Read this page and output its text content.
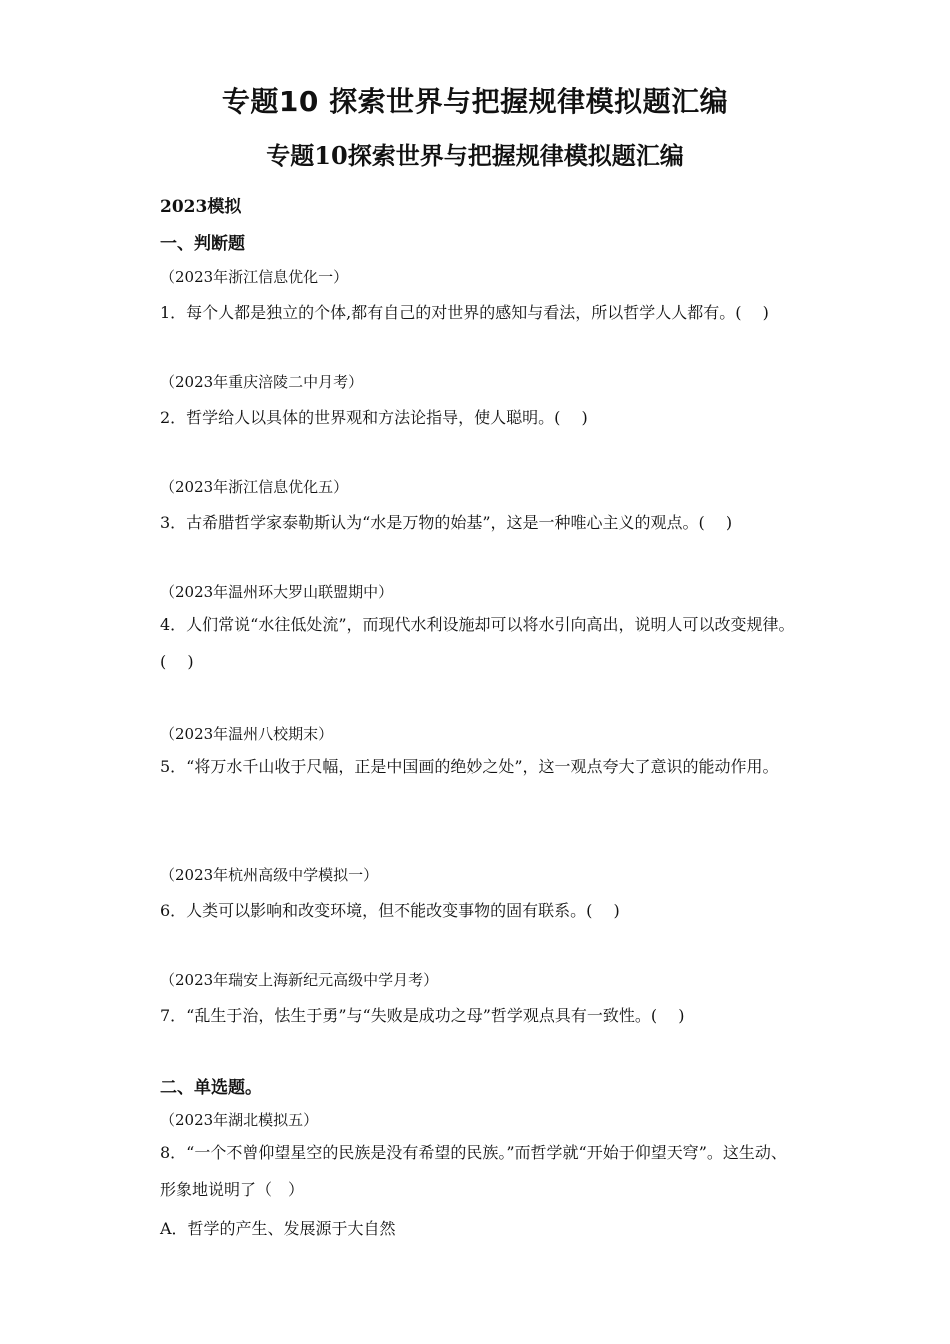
专题10 探索世界与把握规律模拟题汇编
专题10探索世界与把握规律模拟题汇编
2023模拟
一、判断题
（2023年浙江信息优化一）
1．每个人都是独立的个体,都有自己的对世界的感知与看法，所以哲学人人都有。(　 )
（2023年重庆涪陵二中月考）
2．哲学给人以具体的世界观和方法论指导，使人聪明。(　 )
（2023年浙江信息优化五）
3．古希腊哲学家泰勒斯认为“水是万物的始基”，这是一种唯心主义的观点。(　 )
（2023年温州环大罗山联盟期中）
4．人们常说“水往低处流”，而现代水利设施却可以将水引向高出，说明人可以改变规律。(　 )
（2023年温州八校期末）
5．“将万水千山收于尺幅，正是中国画的绝妙之处”，这一观点夸大了意识的能动作用。
（2023年杭州高级中学模拟一）
6．人类可以影响和改变环境，但不能改变事物的固有联系。(　 )
（2023年瑞安上海新纪元高级中学月考）
7．“乱生于治，怯生于勇”与“失败是成功之母”哲学观点具有一致性。(　 )
二、单选题。
（2023年湖北模拟五）
8．“一个不曾仰望星空的民族是没有希望的民族。”而哲学就“开始于仰望天穹”。这生动、形象地说明了（　）
A．哲学的产生、发展源于大自然
